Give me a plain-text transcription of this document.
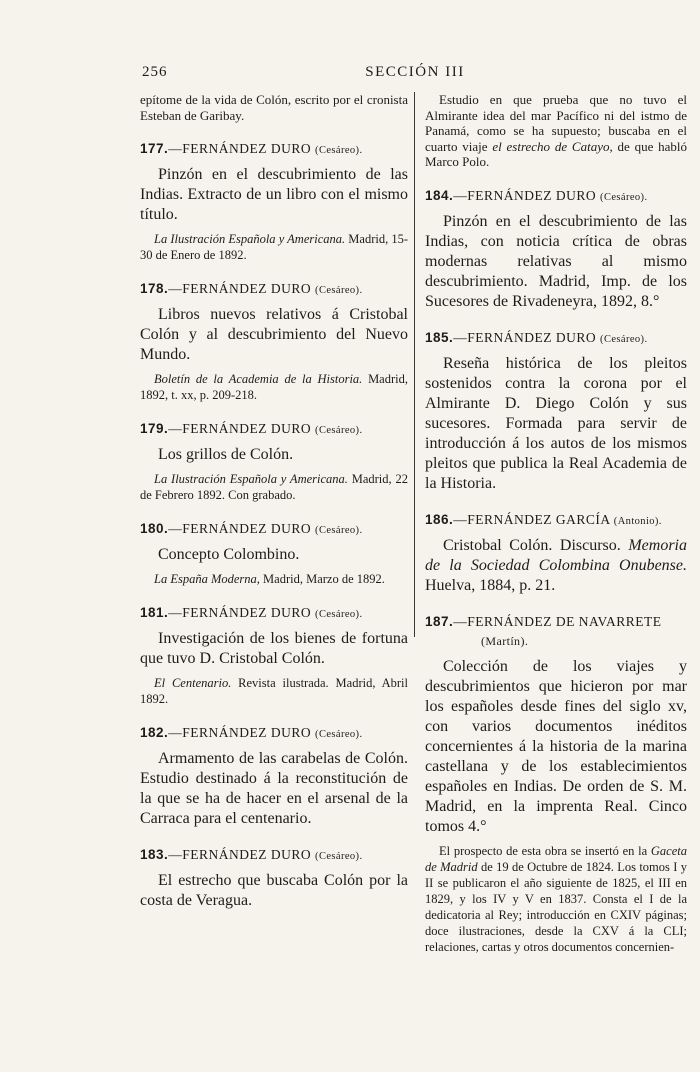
256	SECCIÓN III

epítome de la vida de Colón, escrito por el cronista Esteban de Garibay.

177.—FERNÁNDEZ DURO (Cesáreo).

Pinzón en el descubrimiento de las Indias. Extracto de un libro con el mismo título.

La Ilustración Española y Americana. Madrid, 15-30 de Enero de 1892.

178.—FERNÁNDEZ DURO (Cesáreo).

Libros nuevos relativos á Cristobal Colón y al descubrimiento del Nuevo Mundo.

Boletín de la Academia de la Historia. Madrid, 1892, t. xx, p. 209-218.

179.—FERNÁNDEZ DURO (Cesáreo).

Los grillos de Colón.

La Ilustración Española y Americana. Madrid, 22 de Febrero 1892. Con grabado.

180.—FERNÁNDEZ DURO (Cesáreo).

Concepto Colombino.

La España Moderna, Madrid, Marzo de 1892.

181.—FERNÁNDEZ DURO (Cesáreo).

Investigación de los bienes de fortuna que tuvo D. Cristobal Colón.

El Centenario. Revista ilustrada. Madrid, Abril 1892.

182.—FERNÁNDEZ DURO (Cesáreo).

Armamento de las carabelas de Colón. Estudio destinado á la reconstitución de la que se ha de hacer en el arsenal de la Carraca para el centenario.

183.—FERNÁNDEZ DURO (Cesáreo).

El estrecho que buscaba Colón por la costa de Veragua.

Estudio en que prueba que no tuvo el Almirante idea del mar Pacífico ni del istmo de Panamá, como se ha supuesto; buscaba en el cuarto viaje el estrecho de Catayo, de que habló Marco Polo.

184.—FERNÁNDEZ DURO (Cesáreo).

Pinzón en el descubrimiento de las Indias, con noticia crítica de obras modernas relativas al mismo descubrimiento. Madrid, Imp. de los Sucesores de Rivadeneyra, 1892, 8.°

185.—FERNÁNDEZ DURO (Cesáreo).

Reseña histórica de los pleitos sostenidos contra la corona por el Almirante D. Diego Colón y sus sucesores. Formada para servir de introducción á los autos de los mismos pleitos que publica la Real Academia de la Historia.

186.—FERNÁNDEZ GARCÍA (Antonio).

Cristobal Colón. Discurso. Memoria de la Sociedad Colombina Onubense. Huelva, 1884, p. 21.

187.—FERNÁNDEZ DE NAVARRETE

(Martín).

Colección de los viajes y descubrimientos que hicieron por mar los españoles desde fines del siglo xv, con varios documentos inéditos concernientes á la historia de la marina castellana y de los establecimientos españoles en Indias. De orden de S. M. Madrid, en la imprenta Real. Cinco tomos 4.°

El prospecto de esta obra se insertó en la Gaceta de Madrid de 19 de Octubre de 1824. Los tomos I y II se publicaron el año siguiente de 1825, el III en 1829, y los IV y V en 1837. Consta el I de la dedicatoria al Rey; introducción en CXIV páginas; doce ilustraciones, desde la CXV á la CLI; relaciones, cartas y otros documentos concernien-
